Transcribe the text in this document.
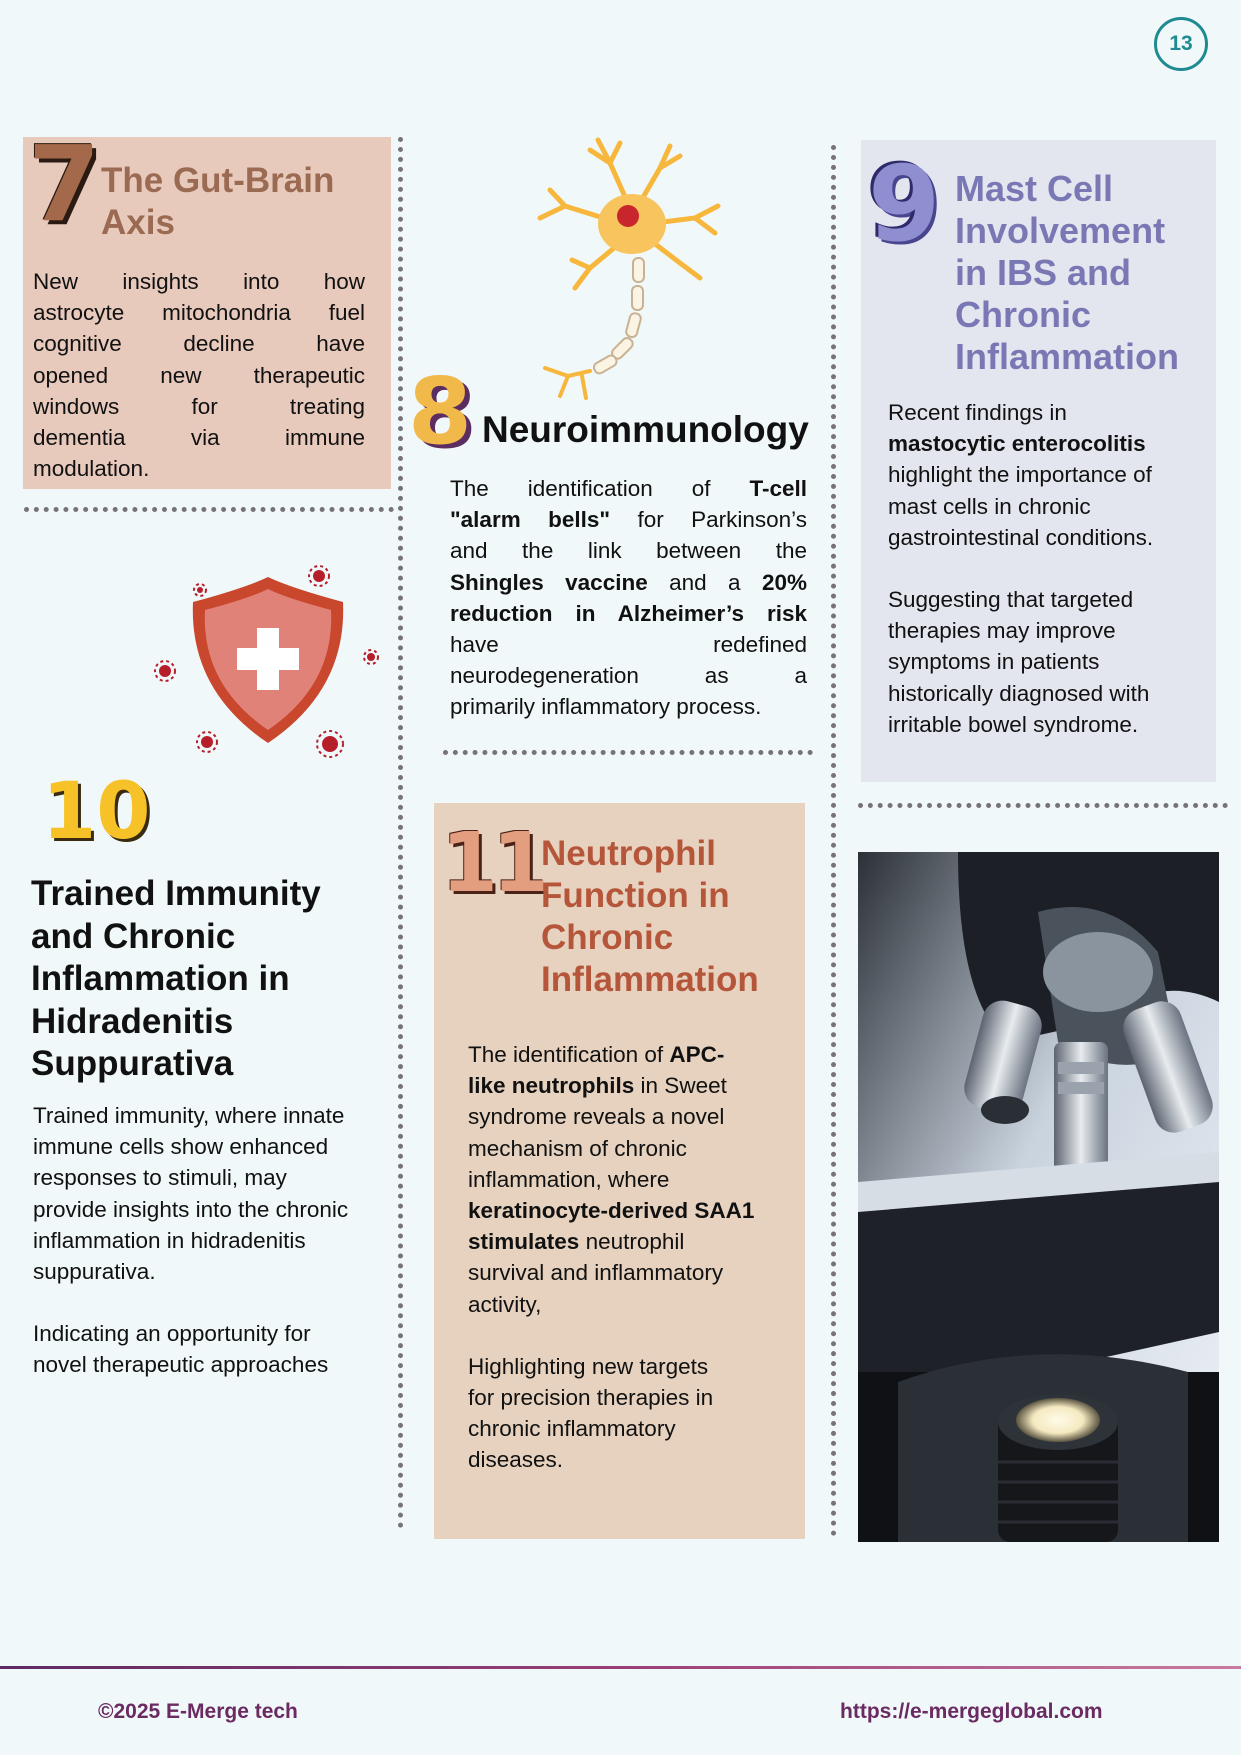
13
7 The Gut-Brain
Axis
New insights into how
astrocyte mitochondria fuel
cognitive decline have
opened new therapeutic
windows for treating
dementia via immune
modulation.
8 Neuroimmunology
The identification of T-cell
"alarm bells" for Parkinson’s
and the link between the
Shingles vaccine and a 20%
reduction in Alzheimer’s risk
have redefined
neurodegeneration as a
primarily inflammatory process.
9 Mast Cell
Involvement
in IBS and
Chronic
Inflammation
Recent findings in
mastocytic enterocolitis
highlight the importance of
mast cells in chronic
gastrointestinal conditions.
Suggesting that targeted
therapies may improve
symptoms in patients
historically diagnosed with
irritable bowel syndrome.
10
Trained Immunity
and Chronic
Inflammation in
Hidradenitis
Suppurativa
Trained immunity, where innate
immune cells show enhanced
responses to stimuli, may
provide insights into the chronic
inflammation in hidradenitis
suppurativa.
Indicating an opportunity for
novel therapeutic approaches
11
Neutrophil
Function in
Chronic
Inflammation
The identification of APC-
like neutrophils in Sweet
syndrome reveals a novel
mechanism of chronic
inflammation, where
keratinocyte-derived SAA1
stimulates neutrophil
survival and inflammatory
activity,
Highlighting new targets
for precision therapies in
chronic inflammatory
diseases.
©2025 E-Merge tech	https://e-mergeglobal.com
